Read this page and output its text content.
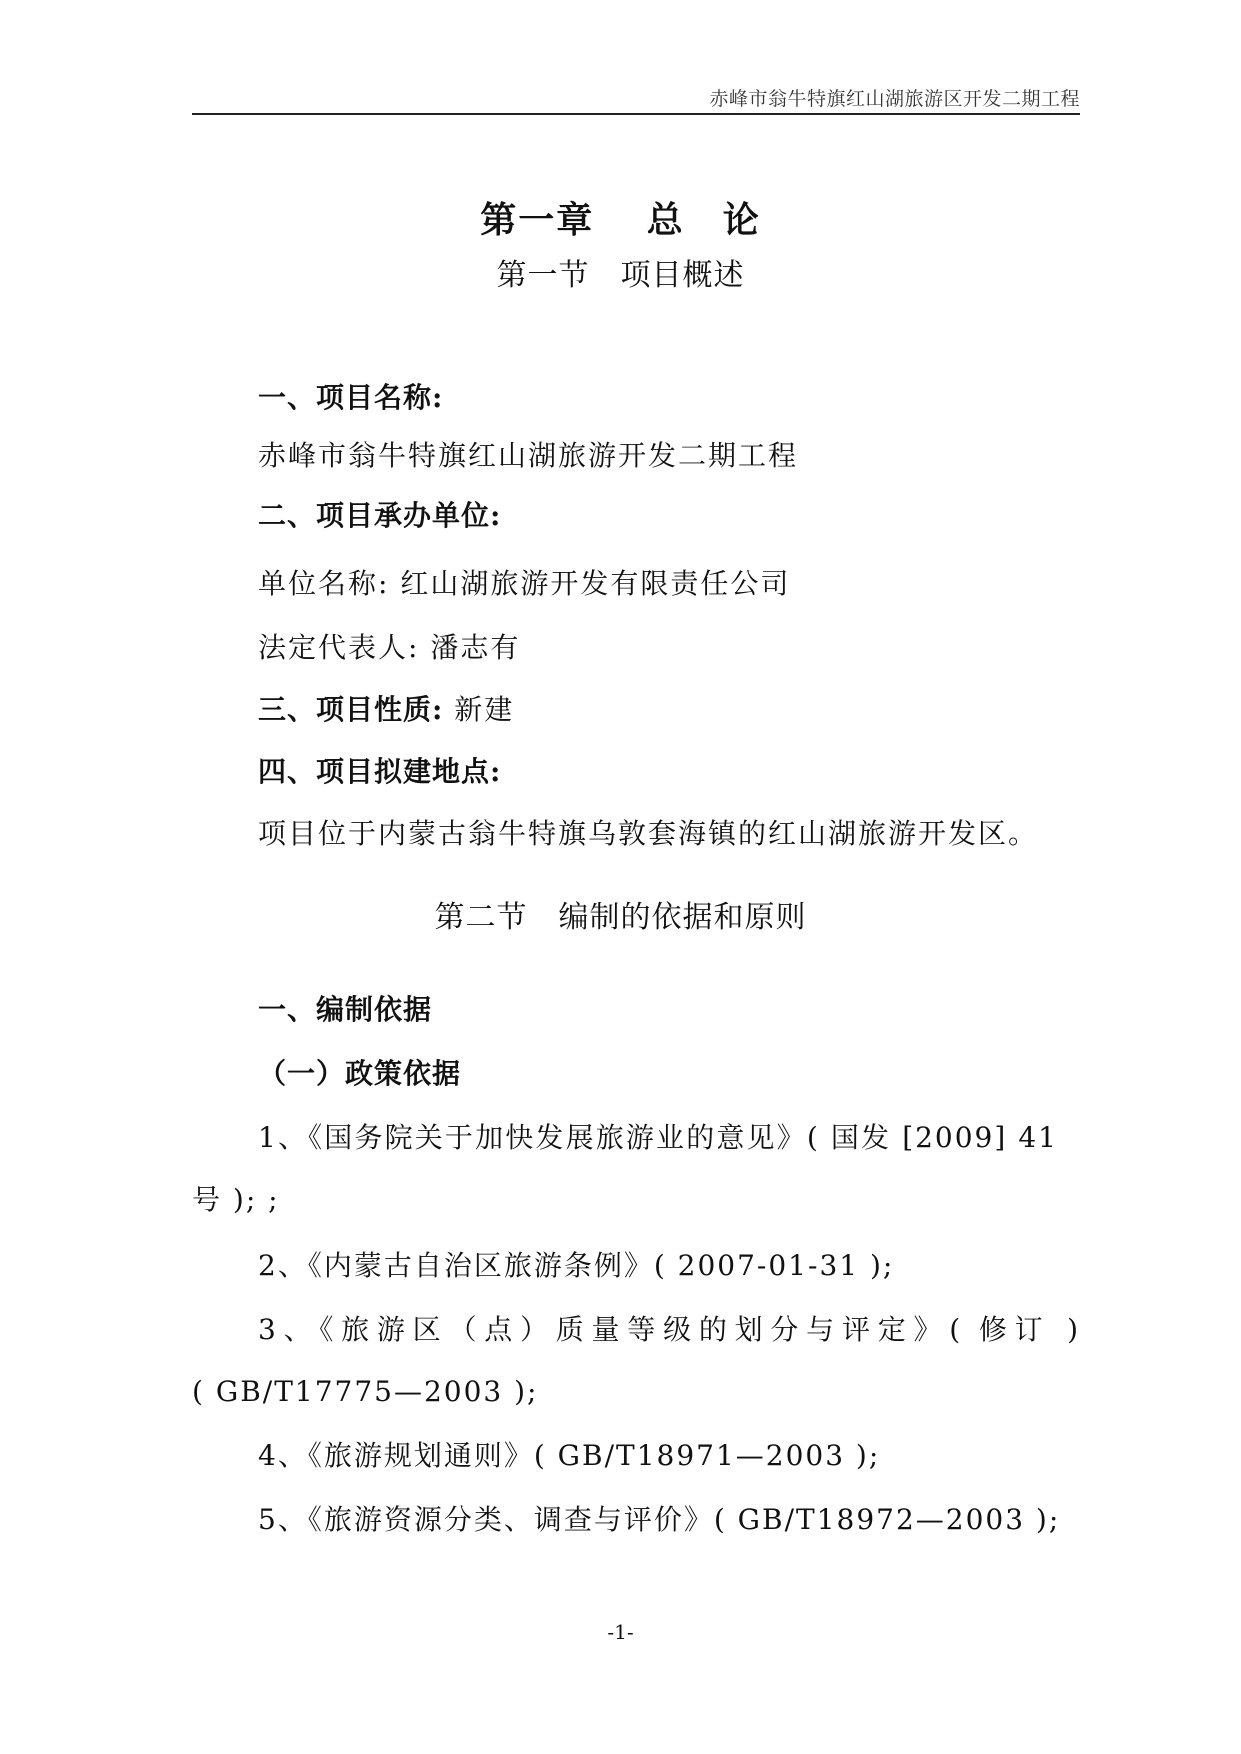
赤峰市翁牛特旗红山湖旅游区开发二期工程
第一章　 总　论
第一节　项目概述
一、项目名称:
赤峰市翁牛特旗红山湖旅游开发二期工程
二、项目承办单位:
单位名称: 红山湖旅游开发有限责任公司
法定代表人: 潘志有
三、项目性质: 新建
四、项目拟建地点:
项目位于内蒙古翁牛特旗乌敦套海镇的红山湖旅游开发区。
第二节　编制的依据和原则
一、编制依据
（一）政策依据
1、《国务院关于加快发展旅游业的意见》( 国发 [2009] 41
号 ); ;
2、《内蒙古自治区旅游条例》( 2007-01-31 );
3、《旅游区（点）质量等级的划分与评定》( 修订 )
( GB/T17775—2003 );
4、《旅游规划通则》( GB/T18971—2003 );
5、《旅游资源分类、调查与评价》( GB/T18972—2003 );
-1-
